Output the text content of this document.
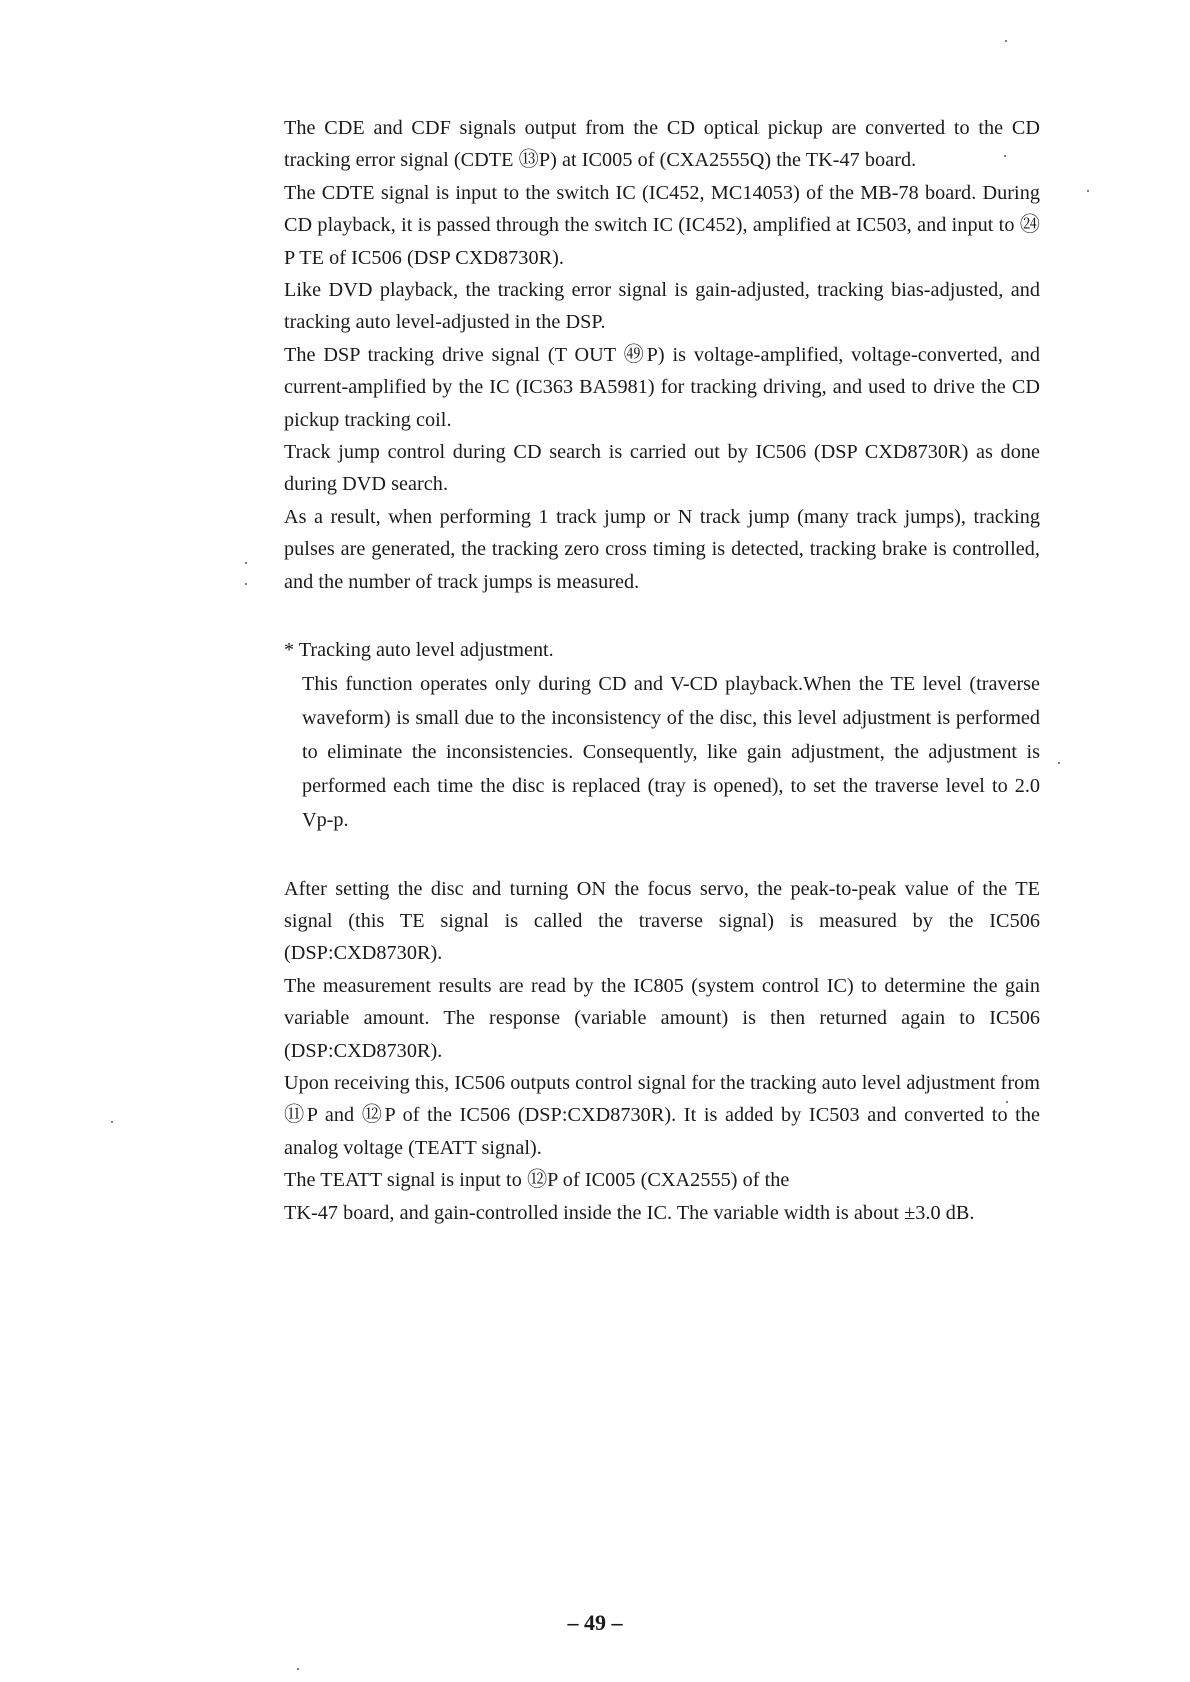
The CDE and CDF signals output from the CD optical pickup are converted to the CD tracking error signal (CDTE ⑬P) at IC005 of (CXA2555Q) the TK-47 board.

The CDTE signal is input to the switch IC (IC452, MC14053) of the MB-78 board. During CD playback, it is passed through the switch IC (IC452), amplified at IC503, and input to ㉔P TE of IC506 (DSP CXD8730R).

Like DVD playback, the tracking error signal is gain-adjusted, tracking bias-adjusted, and tracking auto level-adjusted in the DSP.

The DSP tracking drive signal (T OUT ㊾P) is voltage-amplified, voltage-converted, and current-amplified by the IC (IC363 BA5981) for tracking driving, and used to drive the CD pickup tracking coil.

Track jump control during CD search is carried out by IC506 (DSP CXD8730R) as done during DVD search.

As a result, when performing 1 track jump or N track jump (many track jumps), tracking pulses are generated, the tracking zero cross timing is detected, tracking brake is controlled, and the number of track jumps is measured.

* Tracking auto level adjustment.

This function operates only during CD and V-CD playback.When the TE level (traverse waveform) is small due to the inconsistency of the disc, this level adjustment is performed to eliminate the inconsistencies. Consequently, like gain adjustment, the adjustment is performed each time the disc is replaced (tray is opened), to set the traverse level to 2.0 Vp-p.

After setting the disc and turning ON the focus servo, the peak-to-peak value of the TE signal (this TE signal is called the traverse signal) is measured by the IC506 (DSP:CXD8730R).

The measurement results are read by the IC805 (system control IC) to determine the gain variable amount. The response (variable amount) is then returned again to IC506 (DSP:CXD8730R).

Upon receiving this, IC506 outputs control signal for the tracking auto level adjustment from ⑪P and ⑫P of the IC506 (DSP:CXD8730R). It is added by IC503 and converted to the analog voltage (TEATT signal).

The TEATT signal is input to ⑫P of IC005 (CXA2555) of the

TK-47 board, and gain-controlled inside the IC. The variable width is about ±3.0 dB.

– 49 –
